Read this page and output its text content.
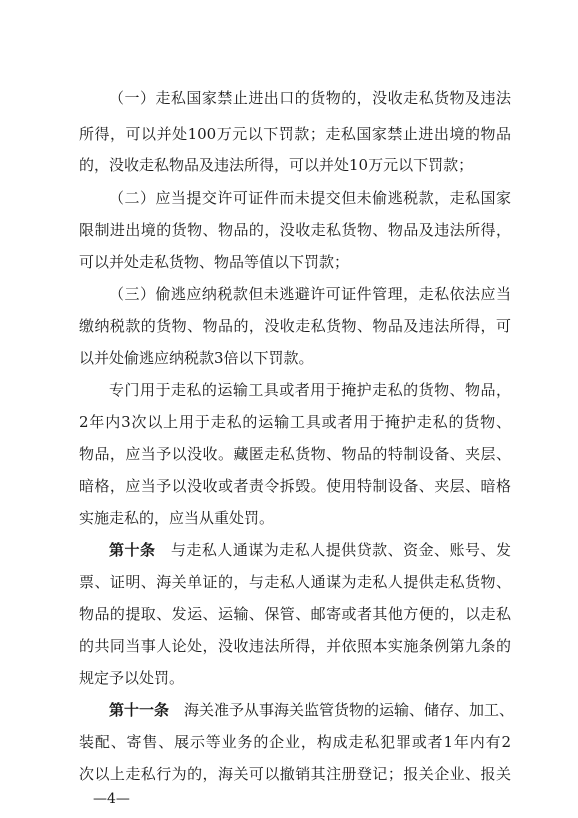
（一）走私国家禁止进出口的货物的，没收走私货物及违法
所得，可以并处100万元以下罚款；走私国家禁止进出境的物品
的，没收走私物品及违法所得，可以并处10万元以下罚款；
（二）应当提交许可证件而未提交但未偷逃税款，走私国家
限制进出境的货物、物品的，没收走私货物、物品及违法所得，
可以并处走私货物、物品等值以下罚款；
（三）偷逃应纳税款但未逃避许可证件管理，走私依法应当
缴纳税款的货物、物品的，没收走私货物、物品及违法所得，可
以并处偷逃应纳税款3倍以下罚款。
专门用于走私的运输工具或者用于掩护走私的货物、物品，
2年内3次以上用于走私的运输工具或者用于掩护走私的货物、
物品，应当予以没收。藏匿走私货物、物品的特制设备、夹层、
暗格，应当予以没收或者责令拆毁。使用特制设备、夹层、暗格
实施走私的，应当从重处罚。
第十条　 与走私人通谋为走私人提供贷款、资金、账号、发
票、证明、海关单证的，与走私人通谋为走私人提供走私货物、
物品的提取、发运、运输、保管、邮寄或者其他方便的，以走私
的共同当事人论处，没收违法所得，并依照本实施条例第九条的
规定予以处罚。
第十一条　 海关准予从事海关监管货物的运输、储存、加工、
装配、寄售、展示等业务的企业，构成走私犯罪或者1年内有2
次以上走私行为的，海关可以撤销其注册登记；报关企业、报关
—4—
